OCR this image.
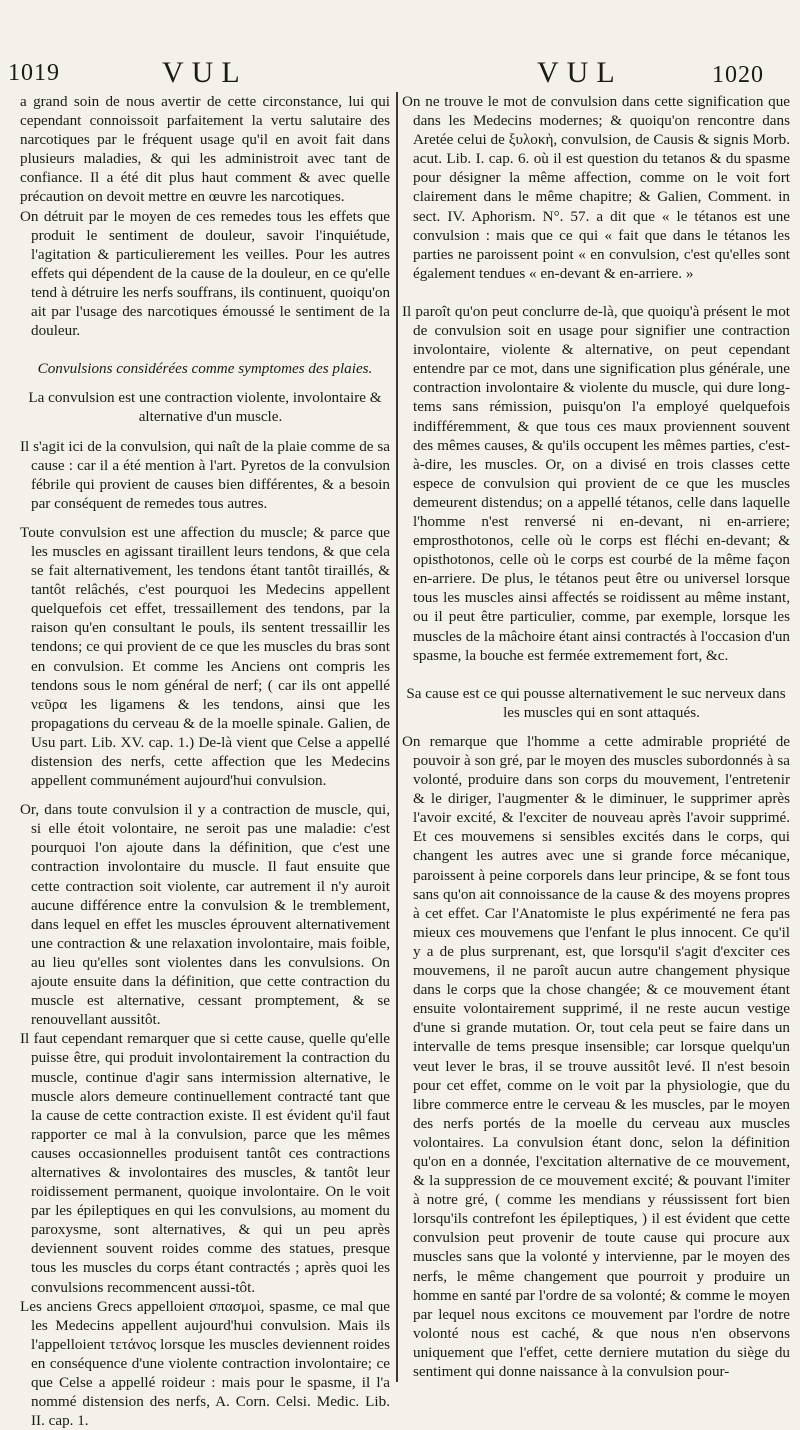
1019	VUL	VUL	1020

a grand soin de nous avertir de cette circonstance, lui qui cependant connoissoit parfaitement la vertu salutaire des narcotiques par le fréquent usage qu'il en avoit fait dans plusieurs maladies, & qui les administroit avec tant de confiance. Il a été dit plus haut comment & avec quelle précaution on devoit mettre en œuvre les narcotiques.

On détruit par le moyen de ces remedes tous les effets que produit le sentiment de douleur, savoir l'inquiétude, l'agitation & particulierement les veilles. Pour les autres effets qui dépendent de la cause de la douleur, en ce qu'elle tend à détruire les nerfs souffrans, ils continuent, quoiqu'on ait par l'usage des narcotiques émoussé le sentiment de la douleur.

Convulsions considérées comme symptomes des plaies.

La convulsion est une contraction violente, involontaire & alternative d'un muscle.

Il s'agit ici de la convulsion, qui naît de la plaie comme de sa cause : car il a été mention à l'art. Pyretos de la convulsion fébrile qui provient de causes bien différentes, & a besoin par conséquent de remedes tous autres.

Toute convulsion est une affection du muscle; & parce que les muscles en agissant tiraillent leurs tendons, & que cela se fait alternativement, les tendons étant tantôt tiraillés, & tantôt relâchés, c'est pourquoi les Medecins appellent quelquefois cet effet, tressaillement des tendons, par la raison qu'en consultant le pouls, ils sentent tressaillir les tendons; ce qui provient de ce que les muscles du bras sont en convulsion. Et comme les Anciens ont compris les tendons sous le nom général de nerf; ( car ils ont appellé νεῦρα les ligamens & les tendons, ainsi que les propagations du cerveau & de la moelle spinale. Galien, de Usu part. Lib. XV. cap. 1.) De-là vient que Celse a appellé distension des nerfs, cette affection que les Medecins appellent communément aujourd'hui convulsion.

Or, dans toute convulsion il y a contraction de muscle, qui, si elle étoit volontaire, ne seroit pas une maladie: c'est pourquoi l'on ajoute dans la définition, que c'est une contraction involontaire du muscle. Il faut ensuite que cette contraction soit violente, car autrement il n'y auroit aucune différence entre la convulsion & le tremblement, dans lequel en effet les muscles éprouvent alternativement une contraction & une relaxation involontaire, mais foible, au lieu qu'elles sont violentes dans les convulsions. On ajoute ensuite dans la définition, que cette contraction du muscle est alternative, cessant promptement, & se renouvellant aussitôt.

Il faut cependant remarquer que si cette cause, quelle qu'elle puisse être, qui produit involontairement la contraction du muscle, continue d'agir sans intermission alternative, le muscle alors demeure continuellement contracté tant que la cause de cette contraction existe. Il est évident qu'il faut rapporter ce mal à la convulsion, parce que les mêmes causes occasionnelles produisent tantôt ces contractions alternatives & involontaires des muscles, & tantôt leur roidissement permanent, quoique involontaire. On le voit par les épileptiques en qui les convulsions, au moment du paroxysme, sont alternatives, & qui un peu après deviennent souvent roides comme des statues, presque tous les muscles du corps étant contractés ; après quoi les convulsions recommencent aussi-tôt.

Les anciens Grecs appelloient σπασμοὶ, spasme, ce mal que les Medecins appellent aujourd'hui convulsion. Mais ils l'appelloient τετάνος lorsque les muscles deviennent roides en conséquence d'une violente contraction involontaire; ce que Celse a appellé roideur : mais pour le spasme, il l'a nommé distension des nerfs, A. Corn. Celsi. Medic. Lib. II. cap. 1.

On ne trouve le mot de convulsion dans cette signification que dans les Medecins modernes; & quoiqu'on rencontre dans Aretée celui de ξυλοκὴ, convulsion, de Causis & signis Morb. acut. Lib. I. cap. 6. où il est question du tetanos & du spasme pour désigner la même affection, comme on le voit fort clairement dans le même chapitre; & Galien, Comment. in sect. IV. Aphorism. N°. 57. a dit que « le tétanos est une convulsion : mais que ce qui « fait que dans le tétanos les parties ne paroissent point « en convulsion, c'est qu'elles sont également tendues « en-devant & en-arriere. »

Il paroît qu'on peut conclurre de-là, que quoiqu'à présent le mot de convulsion soit en usage pour signifier une contraction involontaire, violente & alternative, on peut cependant entendre par ce mot, dans une signification plus générale, une contraction involontaire & violente du muscle, qui dure long-tems sans rémission, puisqu'on l'a employé quelquefois indifféremment, & que tous ces maux proviennent souvent des mêmes causes, & qu'ils occupent les mêmes parties, c'est-à-dire, les muscles. Or, on a divisé en trois classes cette espece de convulsion qui provient de ce que les muscles demeurent distendus; on a appellé tétanos, celle dans laquelle l'homme n'est renversé ni en-devant, ni en-arriere; emprosthotonos, celle où le corps est fléchi en-devant; & opisthotonos, celle où le corps est courbé de la même façon en-arriere. De plus, le tétanos peut être ou universel lorsque tous les muscles ainsi affectés se roidissent au même instant, ou il peut être particulier, comme, par exemple, lorsque les muscles de la mâchoire étant ainsi contractés à l'occasion d'un spasme, la bouche est fermée extremement fort, &c.

Sa cause est ce qui pousse alternativement le suc nerveux dans les muscles qui en sont attaqués.

On remarque que l'homme a cette admirable propriété de pouvoir à son gré, par le moyen des muscles subordonnés à sa volonté, produire dans son corps du mouvement, l'entretenir & le diriger, l'augmenter & le diminuer, le supprimer après l'avoir excité, & l'exciter de nouveau après l'avoir supprimé. Et ces mouvemens si sensibles excités dans le corps, qui changent les autres avec une si grande force mécanique, paroissent à peine corporels dans leur principe, & se font tous sans qu'on ait connoissance de la cause & des moyens propres à cet effet. Car l'Anatomiste le plus expérimenté ne fera pas mieux ces mouvemens que l'enfant le plus innocent. Ce qu'il y a de plus surprenant, est, que lorsqu'il s'agit d'exciter ces mouvemens, il ne paroît aucun autre changement physique dans le corps que la chose changée; & ce mouvement étant ensuite volontairement supprimé, il ne reste aucun vestige d'une si grande mutation. Or, tout cela peut se faire dans un intervalle de tems presque insensible; car lorsque quelqu'un veut lever le bras, il se trouve aussitôt levé. Il n'est besoin pour cet effet, comme on le voit par la physiologie, que du libre commerce entre le cerveau & les muscles, par le moyen des nerfs portés de la moelle du cerveau aux muscles volontaires. La convulsion étant donc, selon la définition qu'on en a donnée, l'excitation alternative de ce mouvement, & la suppression de ce mouvement excité; & pouvant l'imiter à notre gré, ( comme les mendians y réussissent fort bien lorsqu'ils contrefont les épileptiques, ) il est évident que cette convulsion peut provenir de toute cause qui procure aux muscles sans que la volonté y intervienne, par le moyen des nerfs, le même changement que pourroit y produire un homme en santé par l'ordre de sa volonté; & comme le moyen par lequel nous excitons ce mouvement par l'ordre de notre volonté nous est caché, & que nous n'en observons uniquement que l'effet, cette derniere mutation du siège du sentiment qui donne naissance à la convulsion pour-
